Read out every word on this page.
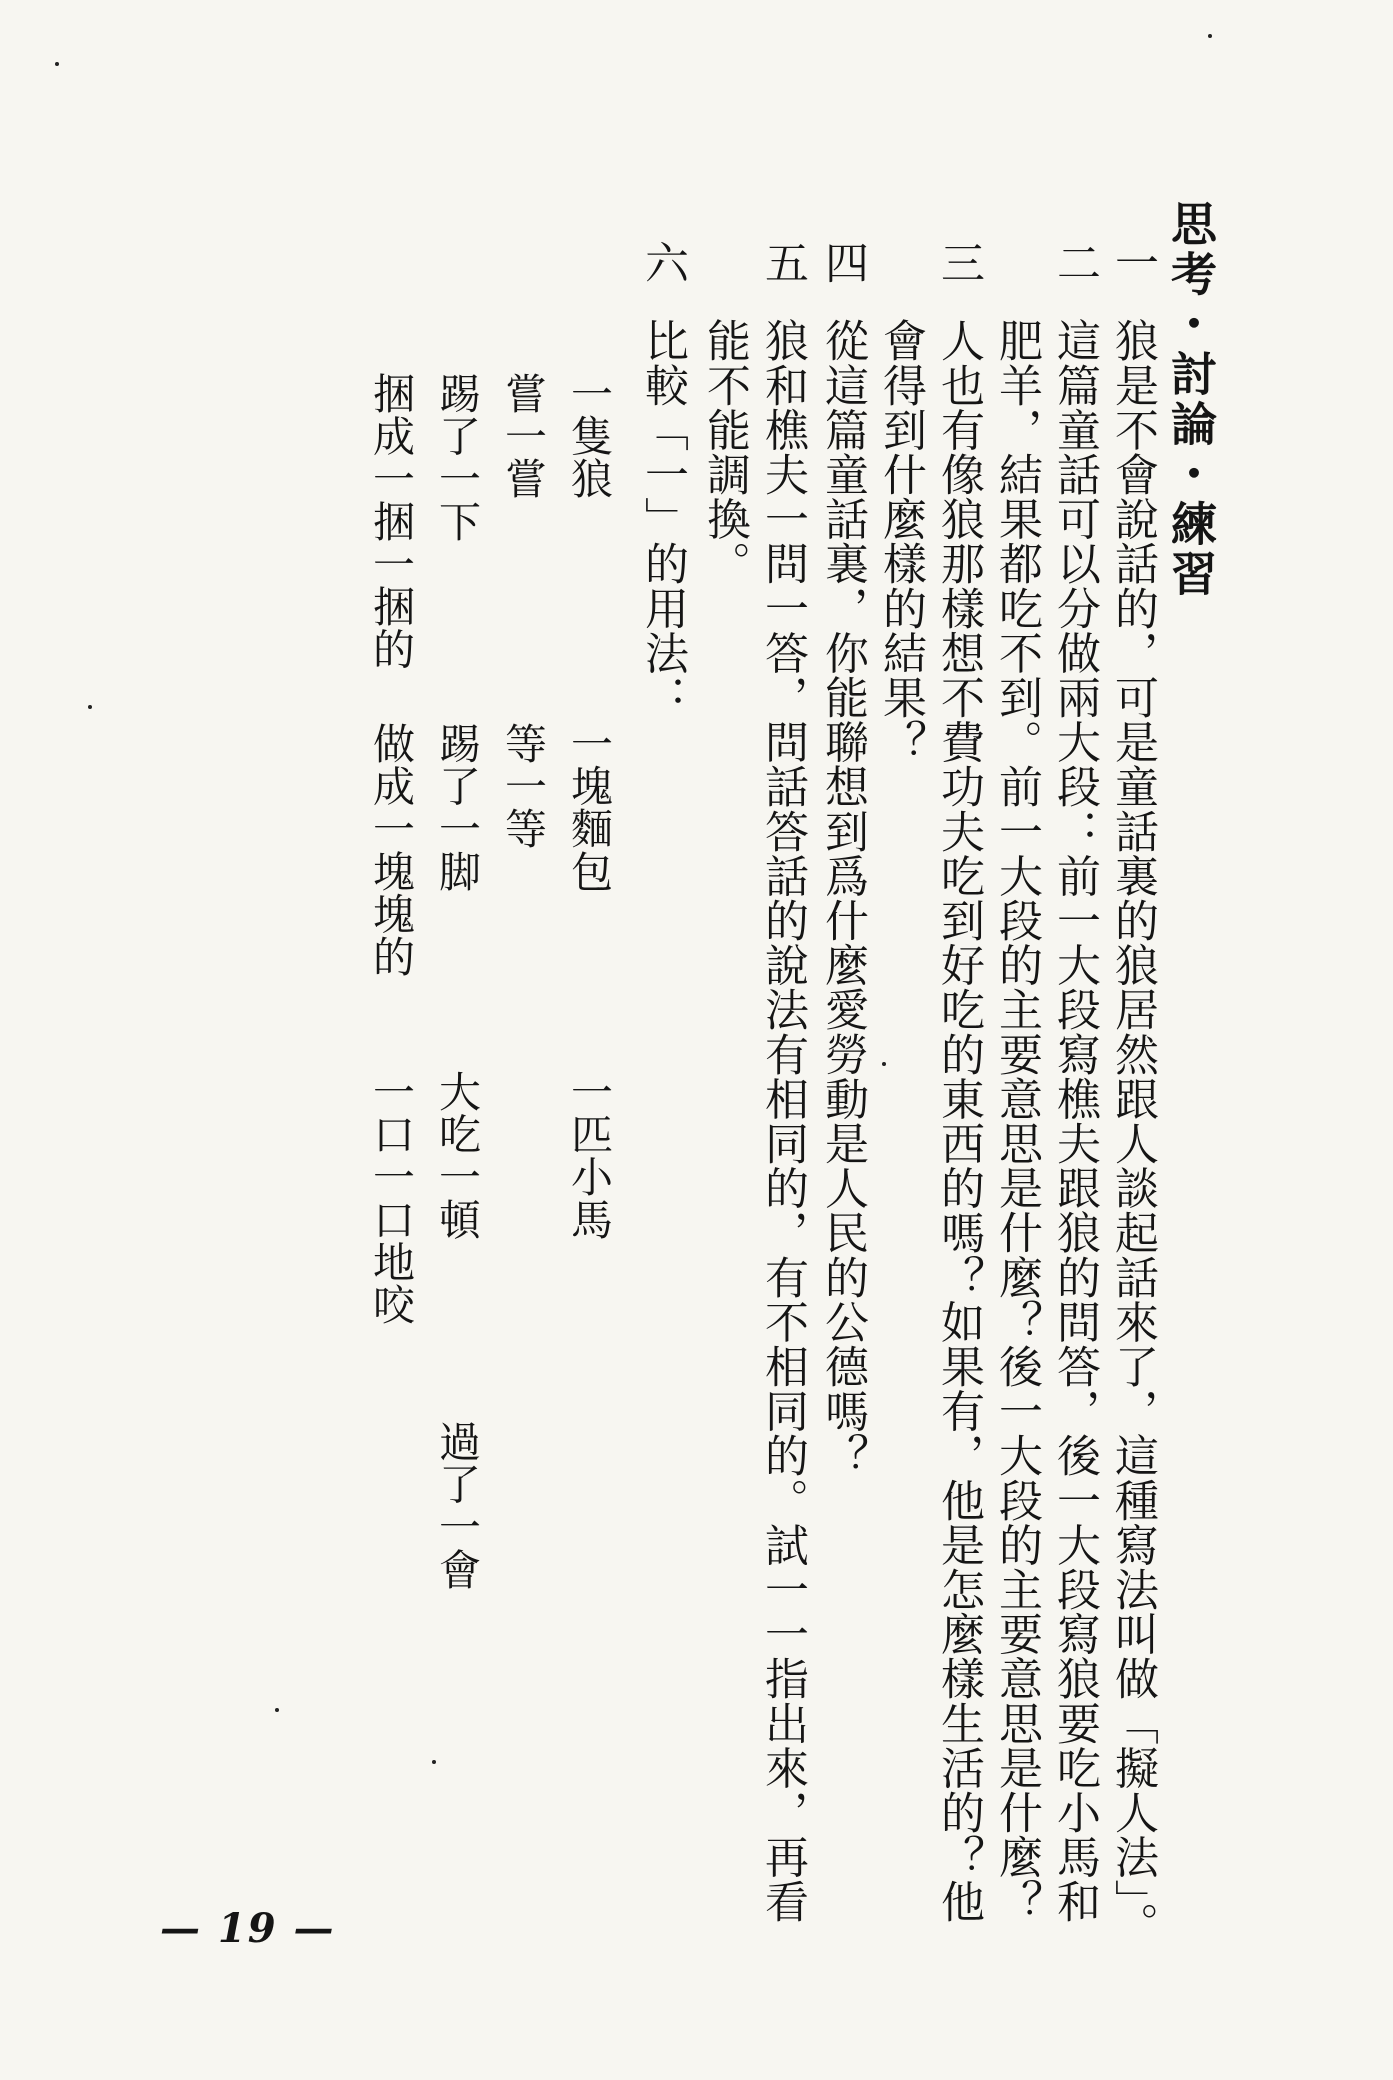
思考・討論・練習
一
狼是不會說話的，可是童話裏的狼居然跟人談起話來了，這種寫法叫做「擬人法」。
二
這篇童話可以分做兩大段：前一大段寫樵夫跟狼的問答，後一大段寫狼要吃小馬和
肥羊，結果都吃不到。前一大段的主要意思是什麼？後一大段的主要意思是什麼？
三
人也有像狼那樣想不費功夫吃到好吃的東西的嗎？如果有，他是怎麼樣生活的？他
會得到什麼樣的結果？
四
從這篇童話裏，你能聯想到爲什麼愛勞動是人民的公德嗎？
五
狼和樵夫一問一答，問話答話的說法有相同的，有不相同的。試一一指出來，再看
能不能調換。
六
比較「一」的用法：
一隻狼
一塊麵包
一匹小馬
嘗一嘗
等一等
踢了一下
踢了一脚
大吃一頓
過了一會
捆成一捆一捆的
做成一塊塊的
一口一口地咬
— 19 —
